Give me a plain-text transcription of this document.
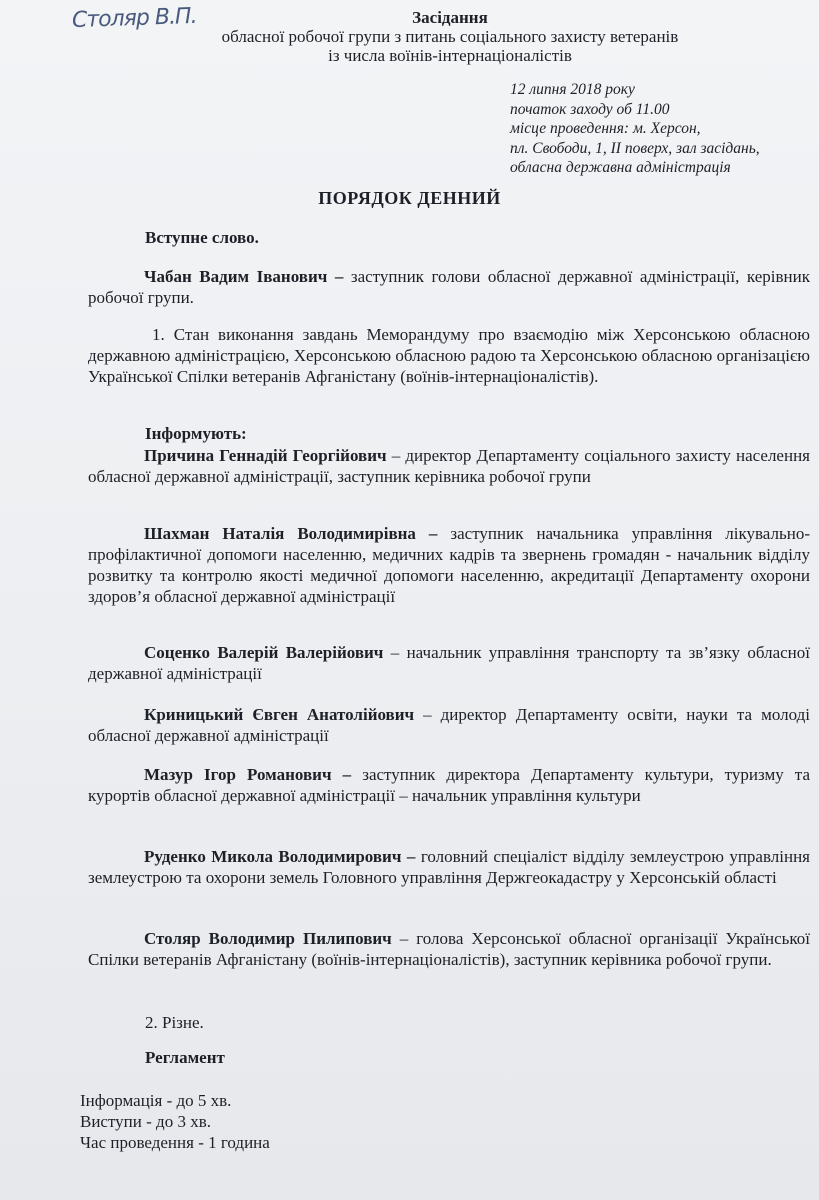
Столяр В.П.	Засідання
обласної робочої групи з питань соціального захисту ветеранів
із числа воїнів-інтернаціоналістів
12 липня 2018 року
початок заходу об 11.00
місце проведення: м. Херсон,
пл. Свободи, 1, ІІ поверх, зал засідань,
обласна державна адміністрація
ПОРЯДОК ДЕННИЙ
Вступне слово.
Чабан Вадим Іванович – заступник голови обласної державної адміністрації, керівник робочої групи.
1. Стан виконання завдань Меморандуму про взаємодію між Херсонською обласною державною адміністрацією, Херсонською обласною радою та Херсонською обласною організацією Української Спілки ветеранів Афганістану (воїнів-інтернаціоналістів).
Інформують:
Причина Геннадій Георгійович – директор Департаменту соціального захисту населення обласної державної адміністрації, заступник керівника робочої групи
Шахман Наталія Володимирівна – заступник начальника управління лікувально-профілактичної допомоги населенню, медичних кадрів та звернень громадян - начальник відділу розвитку та контролю якості медичної допомоги населенню, акредитації Департаменту охорони здоров’я обласної державної адміністрації
Соценко Валерій Валерійович – начальник управління транспорту та зв’язку обласної державної адміністрації
Криницький Євген Анатолійович – директор Департаменту освіти, науки та молоді обласної державної адміністрації
Мазур Ігор Романович – заступник директора Департаменту культури, туризму та курортів обласної державної адміністрації – начальник управління культури
Руденко Микола Володимирович – головний спеціаліст відділу землеустрою управління землеустрою та охорони земель Головного управління Держгеокадастру у Херсонській області
Столяр Володимир Пилипович – голова Херсонської обласної організації Української Спілки ветеранів Афганістану (воїнів-інтернаціоналістів), заступник керівника робочої групи.
2. Різне.
Регламент
Інформація - до 5 хв.
Виступи - до 3 хв.
Час проведення - 1 година
